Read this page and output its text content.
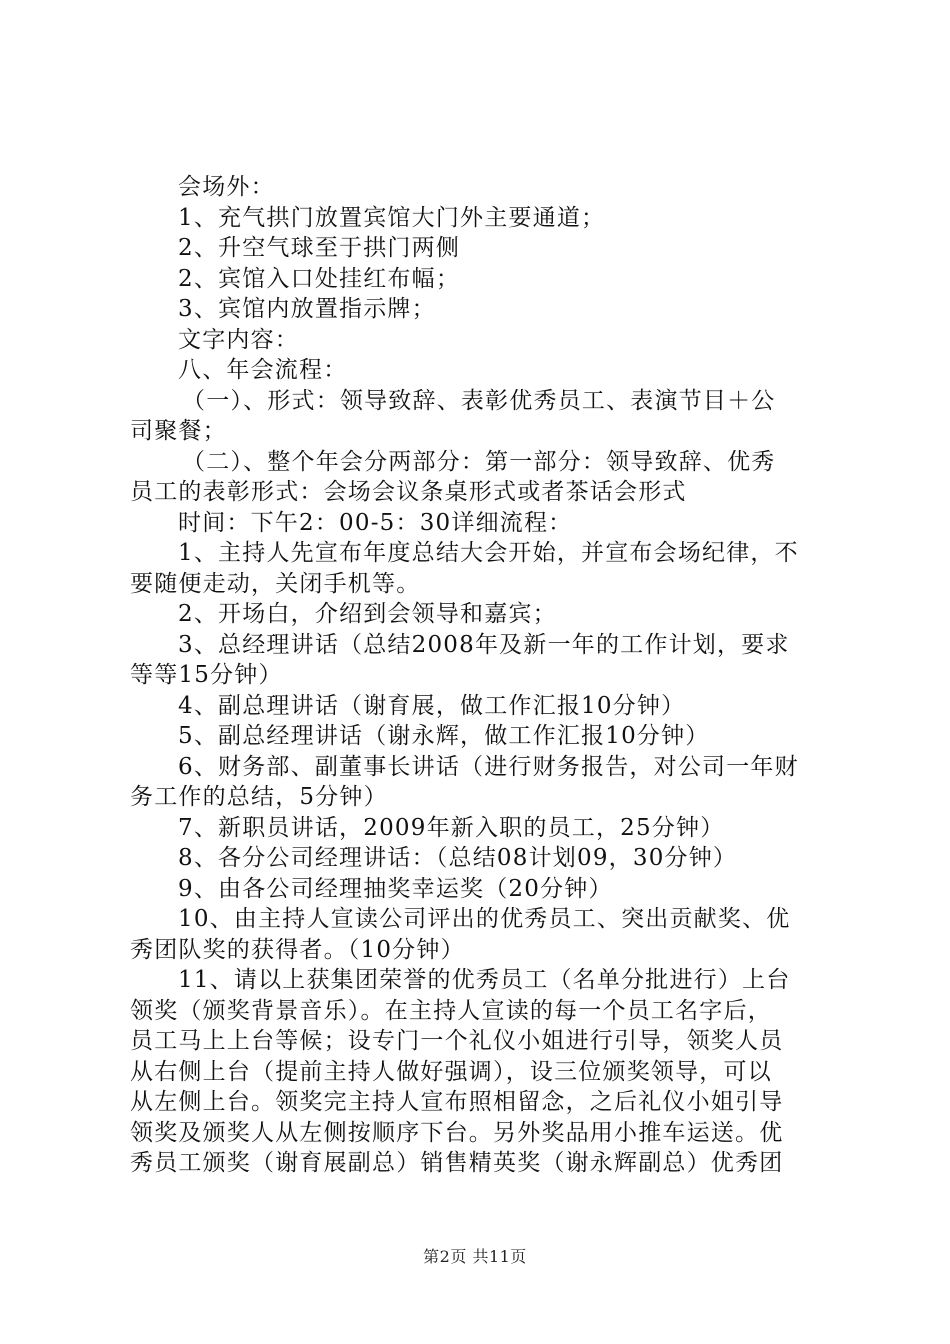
会场外：
1、充气拱门放置宾馆大门外主要通道；
2、升空气球至于拱门两侧
2、宾馆入口处挂红布幅；
3、宾馆内放置指示牌；
文字内容：
八、年会流程：
（一）、形式：领导致辞、表彰优秀员工、表演节目＋公
司聚餐；
（二）、整个年会分两部分：第一部分：领导致辞、优秀
员工的表彰形式：会场会议条桌形式或者茶话会形式
时间：下午2：00-5：30详细流程：
1、主持人先宣布年度总结大会开始，并宣布会场纪律，不
要随便走动，关闭手机等。
2、开场白，介绍到会领导和嘉宾；
3、总经理讲话（总结2008年及新一年的工作计划，要求
等等15分钟）
4、副总理讲话（谢育展，做工作汇报10分钟）
5、副总经理讲话（谢永辉，做工作汇报10分钟）
6、财务部、副董事长讲话（进行财务报告，对公司一年财
务工作的总结，5分钟）
7、新职员讲话，2009年新入职的员工，25分钟）
8、各分公司经理讲话：（总结08计划09，30分钟）
9、由各公司经理抽奖幸运奖（20分钟）
10、由主持人宣读公司评出的优秀员工、突出贡献奖、优
秀团队奖的获得者。（10分钟）
11、请以上获集团荣誉的优秀员工（名单分批进行）上台
领奖（颁奖背景音乐）。在主持人宣读的每一个员工名字后，
员工马上上台等候；设专门一个礼仪小姐进行引导，领奖人员
从右侧上台（提前主持人做好强调），设三位颁奖领导，可以
从左侧上台。领奖完主持人宣布照相留念，之后礼仪小姐引导
领奖及颁奖人从左侧按顺序下台。另外奖品用小推车运送。优
秀员工颁奖（谢育展副总）销售精英奖（谢永辉副总）优秀团
第2页 共11页
